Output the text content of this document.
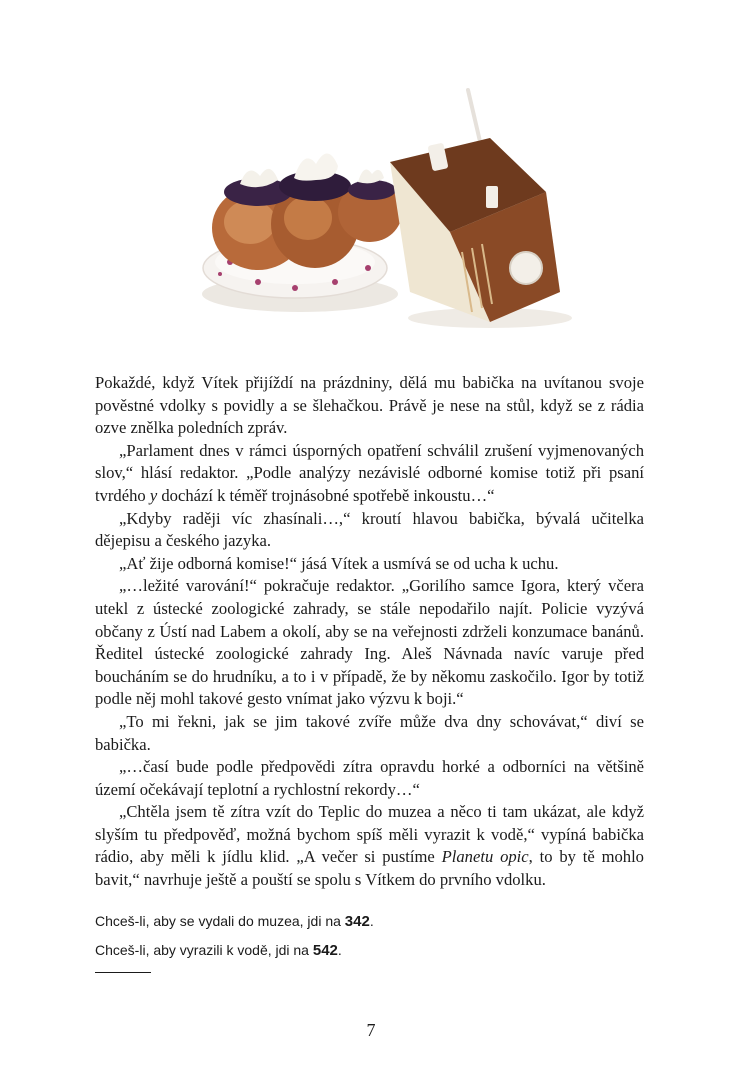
Pokaždé, když Vítek přijíždí na prázdniny, dělá mu babička na uvítanou svoje pověstné vdolky s povidly a se šlehačkou. Právě je nese na stůl, když se z rádia ozve znělka poledních zpráv.

„Parlament dnes v rámci úsporných opatření schválil zrušení vyjmenovaných slov,“ hlásí redaktor. „Podle analýzy nezávislé odborné komise totiž při psaní tvrdého y dochází k téměř trojnásobné spotřebě inkoustu…“

„Kdyby raději víc zhasínali…,“ kroutí hlavou babička, bývalá učitelka dějepisu a českého jazyka.

„Ať žije odborná komise!“ jásá Vítek a usmívá se od ucha k uchu.

„…ležité varování!“ pokračuje redaktor. „Gorilího samce Igora, který včera utekl z ústecké zoologické zahrady, se stále nepodařilo najít. Policie vyzývá občany z Ústí nad Labem a okolí, aby se na veřejnosti zdrželi konzumace banánů. Ředitel ústecké zoologické zahrady Ing. Aleš Návnada navíc varuje před boucháním se do hrudníku, a to i v případě, že by někomu zaskočilo. Igor by totiž podle něj mohl takové gesto vnímat jako výzvu k boji.“

„To mi řekni, jak se jim takové zvíře může dva dny schovávat,“ diví se babička.

„…časí bude podle předpovědi zítra opravdu horké a odborníci na většině území očekávají teplotní a rychlostní rekordy…“

„Chtěla jsem tě zítra vzít do Teplic do muzea a něco ti tam ukázat, ale když slyším tu předpověď, možná bychom spíš měli vyrazit k vodě,“ vypíná babička rádio, aby měli k jídlu klid. „A večer si pustíme Planetu opic, to by tě mohlo bavit,“ navrhuje ještě a pouští se spolu s Vítkem do prvního vdolku.

Chceš-li, aby se vydali do muzea, jdi na 342.

Chceš-li, aby vyrazili k vodě, jdi na 542.

7
